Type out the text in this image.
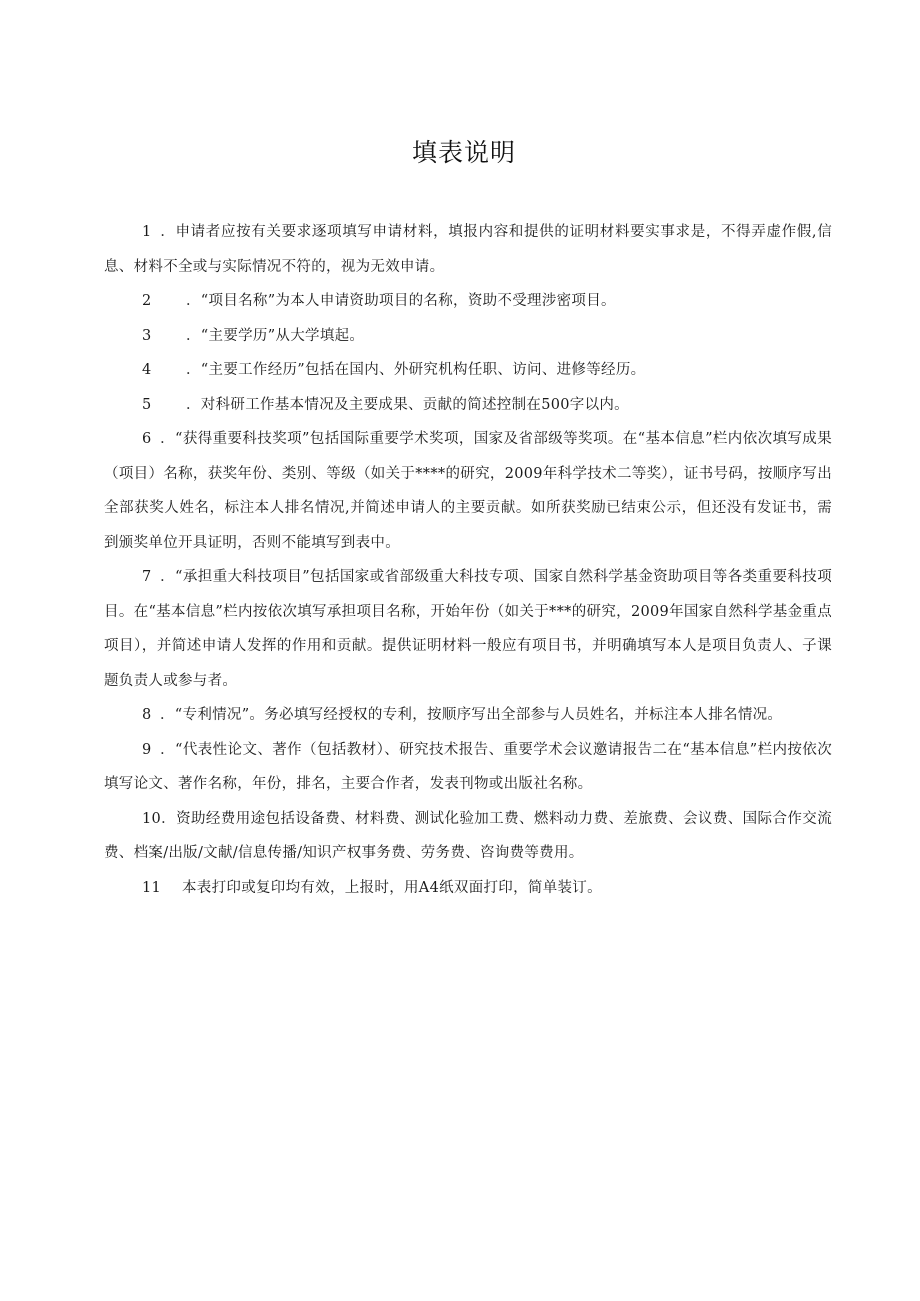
填表说明

1 ．申请者应按有关要求逐项填写申请材料，填报内容和提供的证明材料要实事求是，不得弄虚作假,信息、材料不全或与实际情况不符的，视为无效申请。

2 ．“项目名称”为本人申请资助项目的名称，资助不受理涉密项目。

3 ．“主要学历”从大学填起。

4 ．“主要工作经历”包括在国内、外研究机构任职、访问、进修等经历。

5 ．对科研工作基本情况及主要成果、贡献的简述控制在500字以内。

6 ．“获得重要科技奖项”包括国际重要学术奖项，国家及省部级等奖项。在“基本信息”栏内依次填写成果（项目）名称，获奖年份、类别、等级（如关于****的研究，2009年科学技术二等奖），证书号码，按顺序写出全部获奖人姓名，标注本人排名情况,并简述申请人的主要贡献。如所获奖励已结束公示，但还没有发证书，需到颁奖单位开具证明，否则不能填写到表中。

7 ．“承担重大科技项目”包括国家或省部级重大科技专项、国家自然科学基金资助项目等各类重要科技项目。在“基本信息”栏内按依次填写承担项目名称，开始年份（如关于***的研究，2009年国家自然科学基金重点项目），并简述申请人发挥的作用和贡献。提供证明材料一般应有项目书，并明确填写本人是项目负责人、子课题负责人或参与者。

8 ．“专利情况”。务必填写经授权的专利，按顺序写出全部参与人员姓名，并标注本人排名情况。

9 ．“代表性论文、著作（包括教材）、研究技术报告、重要学术会议邀请报告二在“基本信息”栏内按依次填写论文、著作名称，年份，排名，主要合作者，发表刊物或出版社名称。

10．资助经费用途包括设备费、材料费、测试化验加工费、燃料动力费、差旅费、会议费、国际合作交流费、档案/出版/文献/信息传播/知识产权事务费、劳务费、咨询费等费用。

11 本表打印或复印均有效，上报时，用A4纸双面打印，简单装订。
